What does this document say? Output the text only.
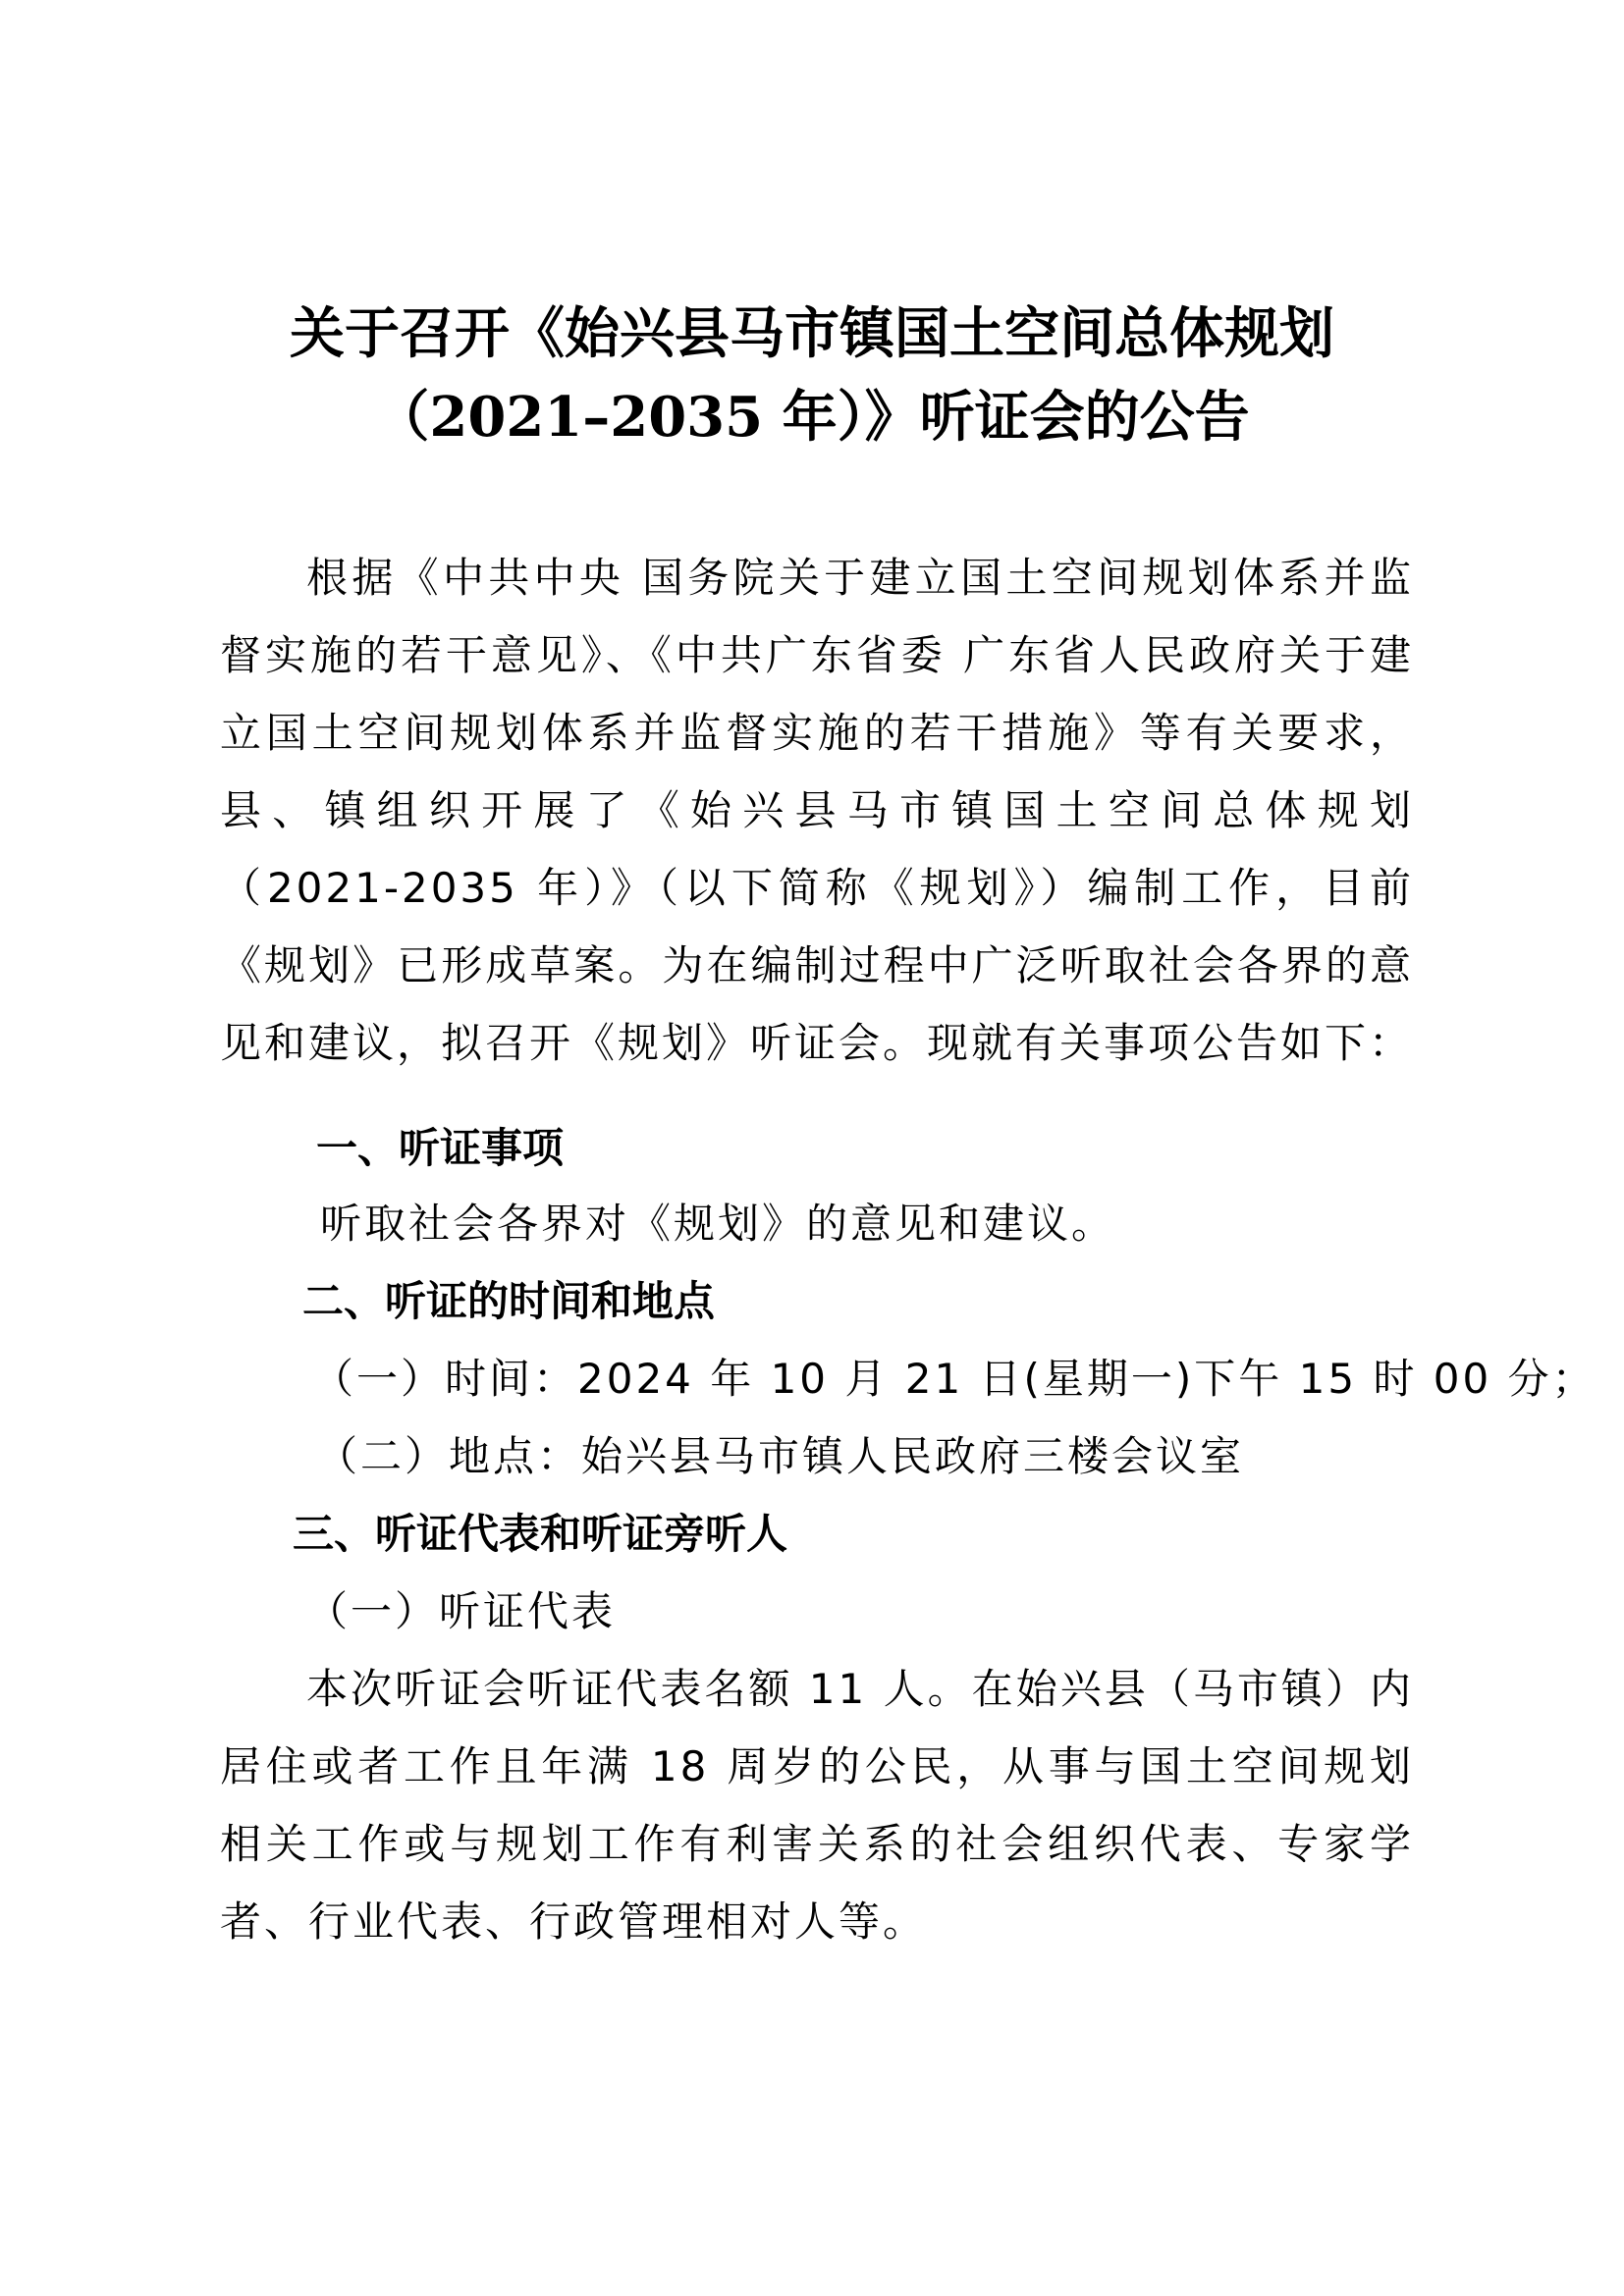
关于召开《始兴县马市镇国土空间总体规划
（2021–2035 年）》听证会的公告
根据《中共中央 国务院关于建立国土空间规划体系并监督实施的若干意见》、《中共广东省委 广东省人民政府关于建立国土空间规划体系并监督实施的若干措施》等有关要求，县、镇组织开展了《始兴县马市镇国土空间总体规划（2021-2035 年）》（以下简称《规划》）编制工作，目前《规划》已形成草案。为在编制过程中广泛听取社会各界的意见和建议，拟召开《规划》听证会。现就有关事项公告如下：
一、听证事项
听取社会各界对《规划》的意见和建议。
二、听证的时间和地点
（一）时间：2024 年 10 月 21 日(星期一)下午 15 时 00 分；
（二）地点：始兴县马市镇人民政府三楼会议室
三、听证代表和听证旁听人
（一）听证代表
本次听证会听证代表名额 11 人。在始兴县（马市镇）内居住或者工作且年满 18 周岁的公民，从事与国土空间规划相关工作或与规划工作有利害关系的社会组织代表、专家学者、行业代表、行政管理相对人等。
